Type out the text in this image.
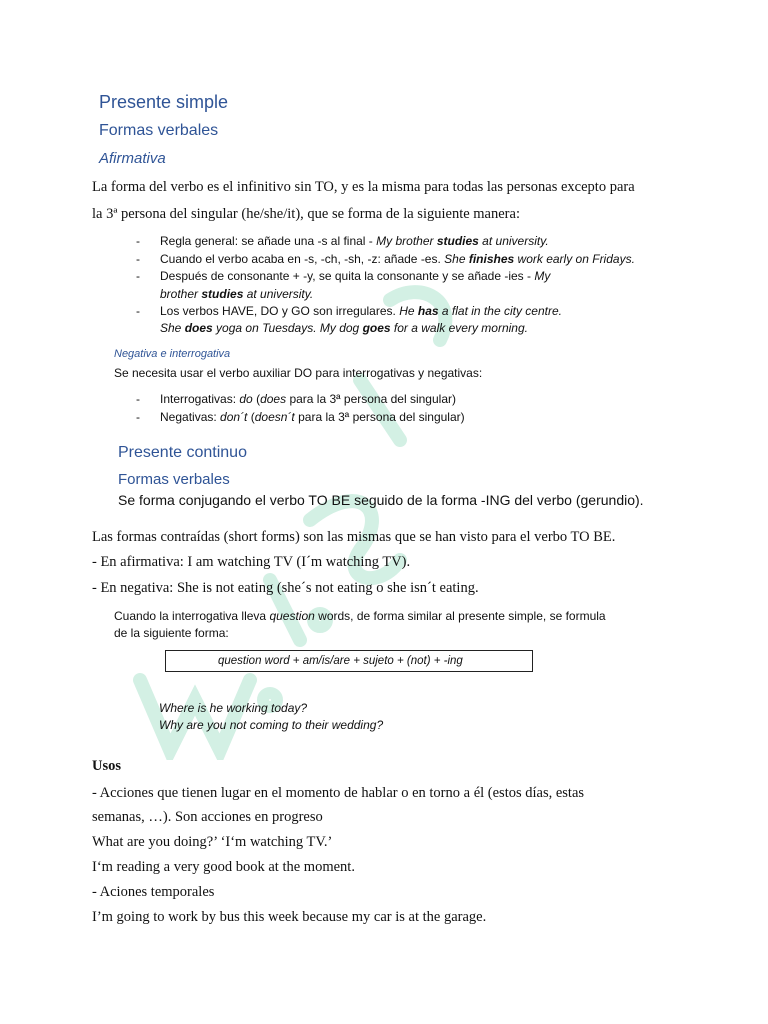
Presente simple
Formas verbales
Afirmativa
La forma del verbo es el infinitivo sin TO, y es la misma para todas las personas excepto para
la 3ª persona del singular (he/she/it), que se forma de la siguiente manera:
- Regla general: se añade una -s al final - My brother studies at university.
- Cuando el verbo acaba en -s, -ch, -sh, -z: añade -es. She finishes work early on Fridays.
- Después de consonante + -y, se quita la consonante y se añade -ies - My
brother studies at university.
- Los verbos HAVE, DO y GO son irregulares. He has a flat in the city centre.
She does yoga on Tuesdays. My dog goes for a walk every morning.
Negativa e interrogativa
Se necesita usar el verbo auxiliar DO para interrogativas y negativas:
- Interrogativas: do (does para la 3ª persona del singular)
- Negativas: don´t (doesn´t para la 3ª persona del singular)
Presente continuo
Formas verbales
Se forma conjugando el verbo TO BE seguido de la forma -ING del verbo (gerundio).
Las formas contraídas (short forms) son las mismas que se han visto para el verbo TO BE.
- En afirmativa: I am watching TV (I´m watching TV).
- En negativa: She is not eating (she´s not eating o she isn´t eating.
Cuando la interrogativa lleva question words, de forma similar al presente simple, se formula
de la siguiente forma:
question word + am/is/are + sujeto + (not) + -ing
Where is he working today?
Why are you not coming to their wedding?
Usos
- Acciones que tienen lugar en el momento de hablar o en torno a él (estos días, estas
semanas, …). Son acciones en progreso
What are you doing?’ ‘I‘m watching TV.’
I‘m reading a very good book at the moment.
- Aciones temporales
I’m going to work by bus this week because my car is at the garage.
